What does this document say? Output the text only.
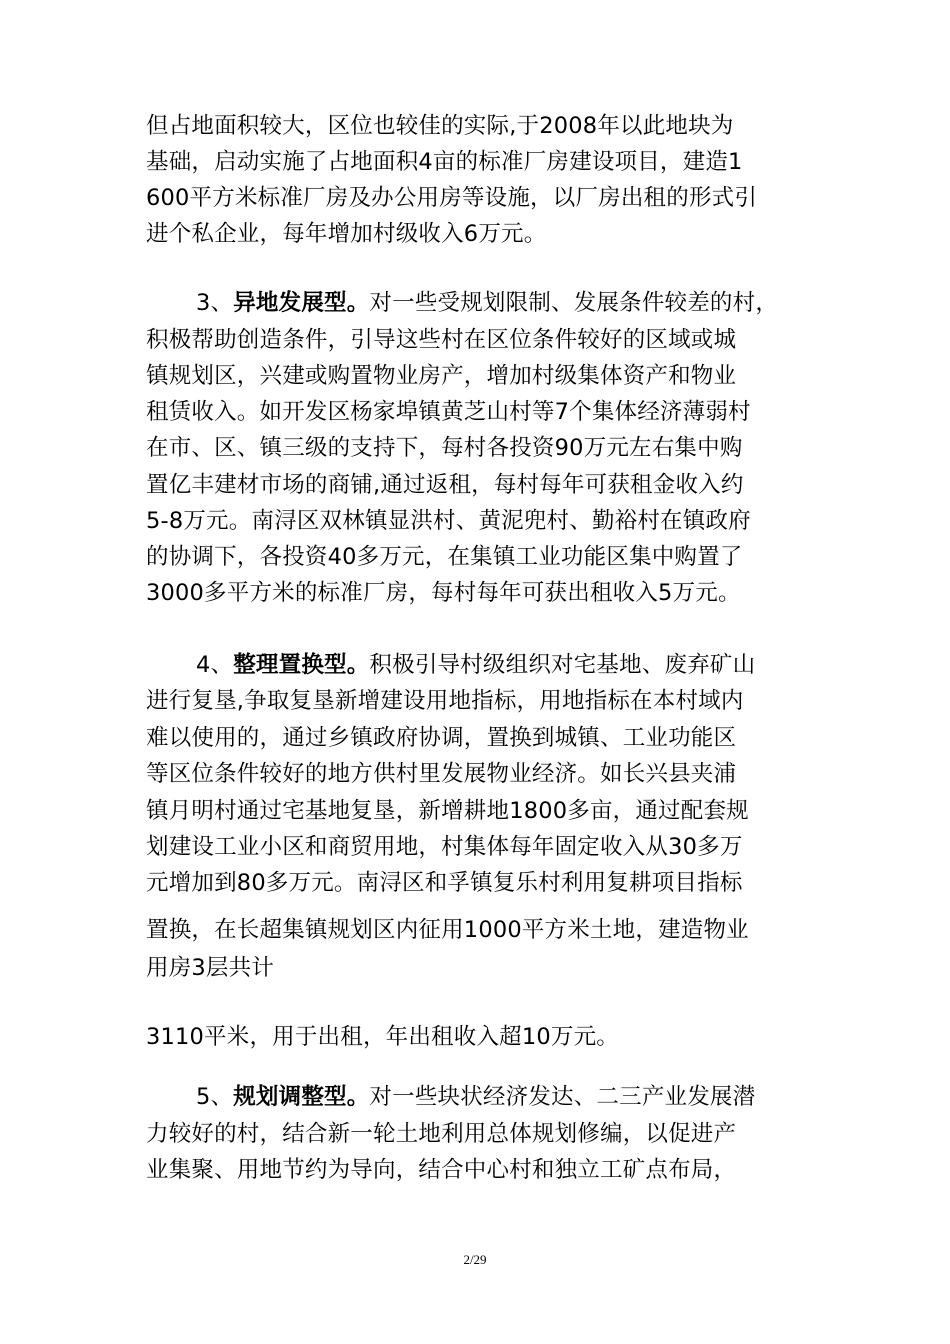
但占地面积较大，区位也较佳的实际,于2008年以此地块为
基础，启动实施了占地面积4亩的标准厂房建设项目，建造1
600平方米标准厂房及办公用房等设施，以厂房出租的形式引
进个私企业，每年增加村级收入6万元。
3、异地发展型。对一些受规划限制、发展条件较差的村，
积极帮助创造条件，引导这些村在区位条件较好的区域或城
镇规划区，兴建或购置物业房产，增加村级集体资产和物业
租赁收入。如开发区杨家埠镇黄芝山村等7个集体经济薄弱村
在市、区、镇三级的支持下，每村各投资90万元左右集中购
置亿丰建材市场的商铺,通过返租，每村每年可获租金收入约
5-8万元。南浔区双林镇显洪村、黄泥兜村、勤裕村在镇政府
的协调下，各投资40多万元，在集镇工业功能区集中购置了
3000多平方米的标准厂房，每村每年可获出租收入5万元。
4、整理置换型。积极引导村级组织对宅基地、废弃矿山
进行复垦,争取复垦新增建设用地指标，用地指标在本村域内
难以使用的，通过乡镇政府协调，置换到城镇、工业功能区
等区位条件较好的地方供村里发展物业经济。如长兴县夹浦
镇月明村通过宅基地复垦，新增耕地1800多亩，通过配套规
划建设工业小区和商贸用地，村集体每年固定收入从30多万
元增加到80多万元。南浔区和孚镇复乐村利用复耕项目指标
置换，在长超集镇规划区内征用1000平方米土地，建造物业
用房3层共计
3110平米，用于出租，年出租收入超10万元。
5、规划调整型。对一些块状经济发达、二三产业发展潜
力较好的村，结合新一轮土地利用总体规划修编，以促进产
业集聚、用地节约为导向，结合中心村和独立工矿点布局，
2/29
